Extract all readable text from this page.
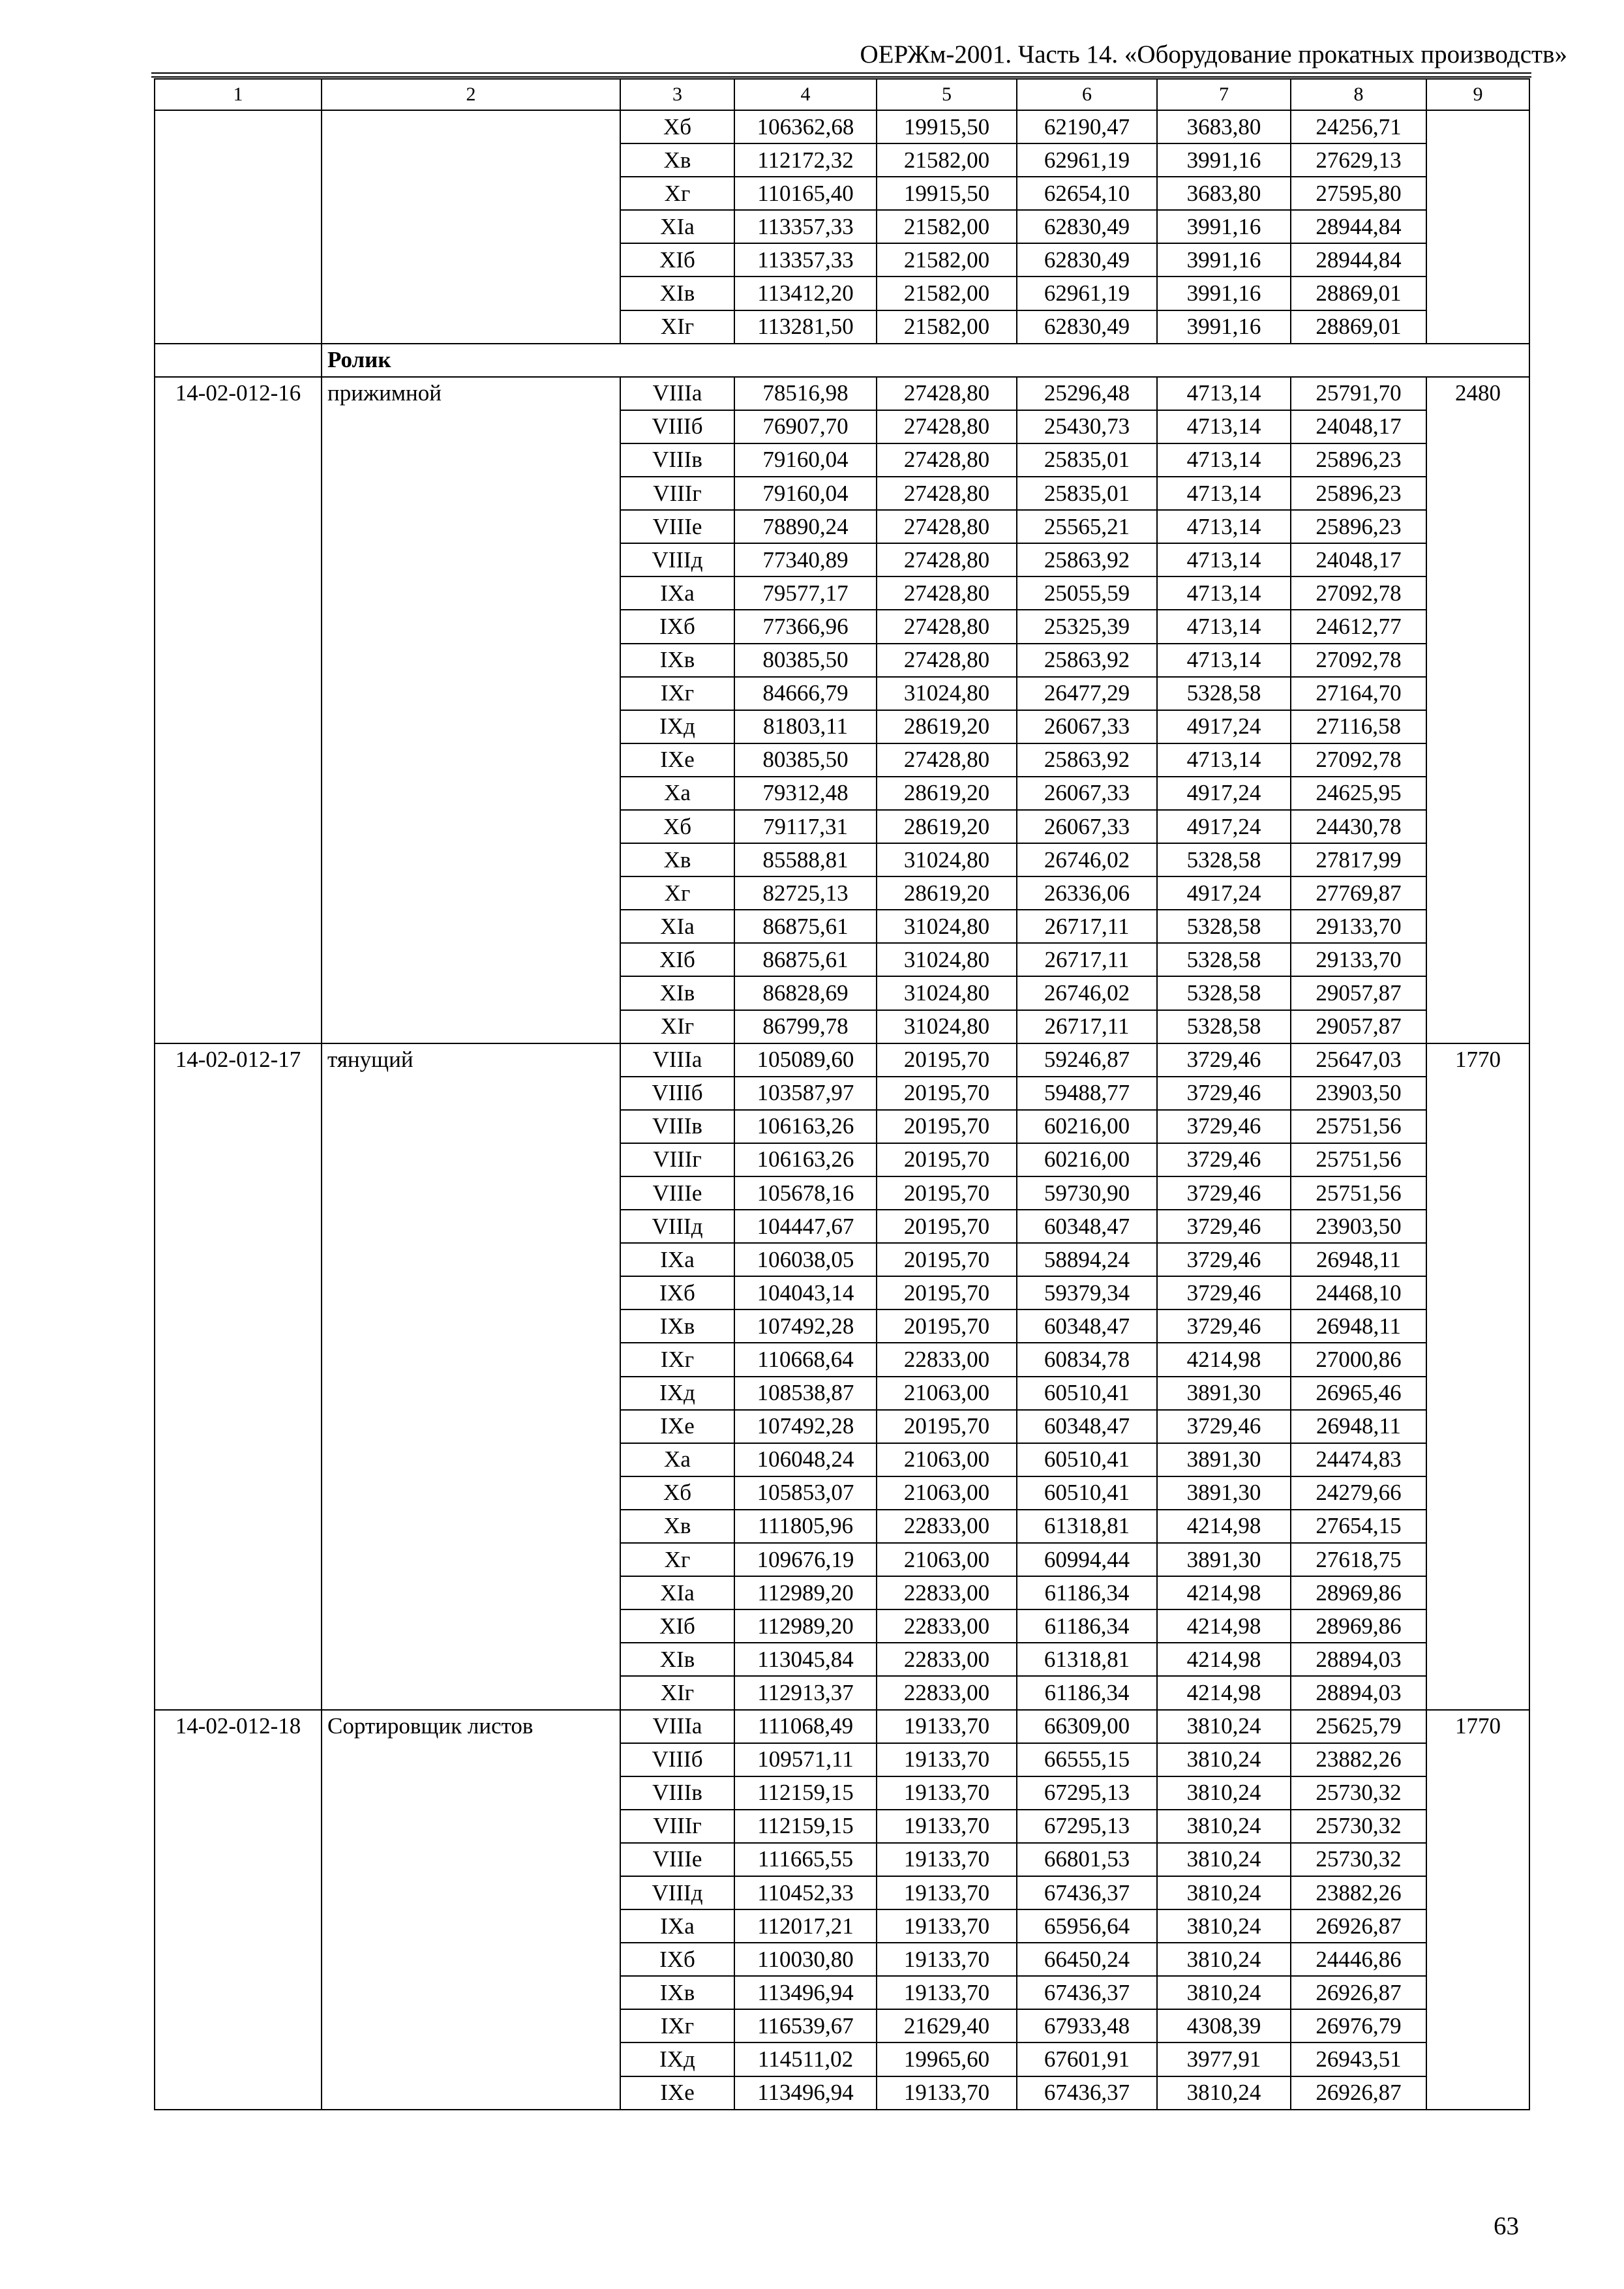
ОЕРЖм-2001. Часть 14. «Оборудование прокатных производств»
1	2	3	4	5	6	7	8	9
		Xб	106362,68	19915,50	62190,47	3683,80	24256,71	
		Xв	112172,32	21582,00	62961,19	3991,16	27629,13	
		Xг	110165,40	19915,50	62654,10	3683,80	27595,80	
		XIа	113357,33	21582,00	62830,49	3991,16	28944,84	
		XIб	113357,33	21582,00	62830,49	3991,16	28944,84	
		XIв	113412,20	21582,00	62961,19	3991,16	28869,01	
		XIг	113281,50	21582,00	62830,49	3991,16	28869,01	
	Ролик							
14-02-012-16	прижимной	VIIIа	78516,98	27428,80	25296,48	4713,14	25791,70	2480
		VIIIб	76907,70	27428,80	25430,73	4713,14	24048,17	
		VIIIв	79160,04	27428,80	25835,01	4713,14	25896,23	
		VIIIг	79160,04	27428,80	25835,01	4713,14	25896,23	
		VIIIе	78890,24	27428,80	25565,21	4713,14	25896,23	
		VIIIд	77340,89	27428,80	25863,92	4713,14	24048,17	
		IXа	79577,17	27428,80	25055,59	4713,14	27092,78	
		IXб	77366,96	27428,80	25325,39	4713,14	24612,77	
		IXв	80385,50	27428,80	25863,92	4713,14	27092,78	
		IXг	84666,79	31024,80	26477,29	5328,58	27164,70	
		IXд	81803,11	28619,20	26067,33	4917,24	27116,58	
		IXе	80385,50	27428,80	25863,92	4713,14	27092,78	
		Xа	79312,48	28619,20	26067,33	4917,24	24625,95	
		Xб	79117,31	28619,20	26067,33	4917,24	24430,78	
		Xв	85588,81	31024,80	26746,02	5328,58	27817,99	
		Xг	82725,13	28619,20	26336,06	4917,24	27769,87	
		XIа	86875,61	31024,80	26717,11	5328,58	29133,70	
		XIб	86875,61	31024,80	26717,11	5328,58	29133,70	
		XIв	86828,69	31024,80	26746,02	5328,58	29057,87	
		XIг	86799,78	31024,80	26717,11	5328,58	29057,87	
14-02-012-17	тянущий	VIIIа	105089,60	20195,70	59246,87	3729,46	25647,03	1770
		VIIIб	103587,97	20195,70	59488,77	3729,46	23903,50	
		VIIIв	106163,26	20195,70	60216,00	3729,46	25751,56	
		VIIIг	106163,26	20195,70	60216,00	3729,46	25751,56	
		VIIIе	105678,16	20195,70	59730,90	3729,46	25751,56	
		VIIIд	104447,67	20195,70	60348,47	3729,46	23903,50	
		IXа	106038,05	20195,70	58894,24	3729,46	26948,11	
		IXб	104043,14	20195,70	59379,34	3729,46	24468,10	
		IXв	107492,28	20195,70	60348,47	3729,46	26948,11	
		IXг	110668,64	22833,00	60834,78	4214,98	27000,86	
		IXд	108538,87	21063,00	60510,41	3891,30	26965,46	
		IXе	107492,28	20195,70	60348,47	3729,46	26948,11	
		Xа	106048,24	21063,00	60510,41	3891,30	24474,83	
		Xб	105853,07	21063,00	60510,41	3891,30	24279,66	
		Xв	111805,96	22833,00	61318,81	4214,98	27654,15	
		Xг	109676,19	21063,00	60994,44	3891,30	27618,75	
		XIа	112989,20	22833,00	61186,34	4214,98	28969,86	
		XIб	112989,20	22833,00	61186,34	4214,98	28969,86	
		XIв	113045,84	22833,00	61318,81	4214,98	28894,03	
		XIг	112913,37	22833,00	61186,34	4214,98	28894,03	
14-02-012-18	Сортировщик листов	VIIIа	111068,49	19133,70	66309,00	3810,24	25625,79	1770
		VIIIб	109571,11	19133,70	66555,15	3810,24	23882,26	
		VIIIв	112159,15	19133,70	67295,13	3810,24	25730,32	
		VIIIг	112159,15	19133,70	67295,13	3810,24	25730,32	
		VIIIе	111665,55	19133,70	66801,53	3810,24	25730,32	
		VIIIд	110452,33	19133,70	67436,37	3810,24	23882,26	
		IXа	112017,21	19133,70	65956,64	3810,24	26926,87	
		IXб	110030,80	19133,70	66450,24	3810,24	24446,86	
		IXв	113496,94	19133,70	67436,37	3810,24	26926,87	
		IXг	116539,67	21629,40	67933,48	4308,39	26976,79	
		IXд	114511,02	19965,60	67601,91	3977,91	26943,51	
		IXе	113496,94	19133,70	67436,37	3810,24	26926,87	
63
